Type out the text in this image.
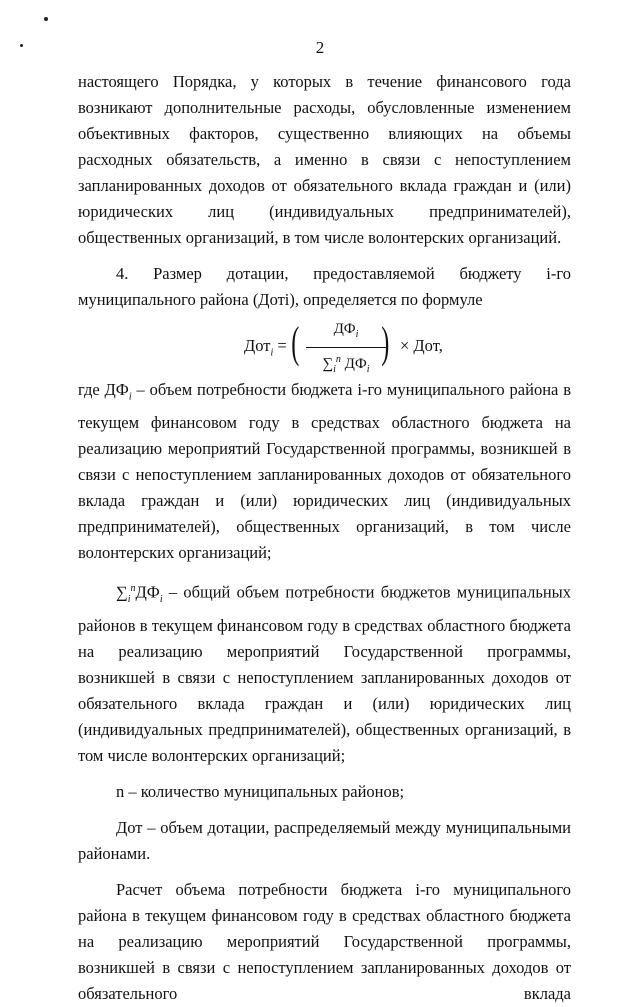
2

настоящего Порядка, у которых в течение финансового года возникают дополнительные расходы, обусловленные изменением объективных факторов, существенно влияющих на объемы расходных обязательств, а именно в связи с непоступлением запланированных доходов от обязательного вклада граждан и (или) юридических лиц (индивидуальных предпринимателей), общественных организаций, в том числе волонтерских организаций.

4. Размер дотации, предоставляемой бюджету i-го муниципального района (Дотi), определяется по формуле

Дот$_i$ = (	$ДФ_i$
$\sum_i^n$ $ДФ_i$
) × Дот,

где $ДФ_i$ – объем потребности бюджета i-го муниципального района в текущем финансовом году в средствах областного бюджета на реализацию мероприятий Государственной программы, возникшей в связи с непоступлением запланированных доходов от обязательного вклада граждан и (или) юридических лиц (индивидуальных предпринимателей), общественных организаций, в том числе волонтерских организаций;

$\sum_i^nДФ_i$ – общий объем потребности бюджетов муниципальных районов в текущем финансовом году в средствах областного бюджета на реализацию мероприятий Государственной программы, возникшей в связи с непоступлением запланированных доходов от обязательного вклада граждан и (или) юридических лиц (индивидуальных предпринимателей), общественных организаций, в том числе волонтерских организаций;

n – количество муниципальных районов;

Дот – объем дотации, распределяемый между муниципальными районами.

Расчет объема потребности бюджета i-го муниципального района в текущем финансовом году в средствах областного бюджета на реализацию мероприятий Государственной программы, возникшей в связи с непоступлением запланированных доходов от обязательного вклада
